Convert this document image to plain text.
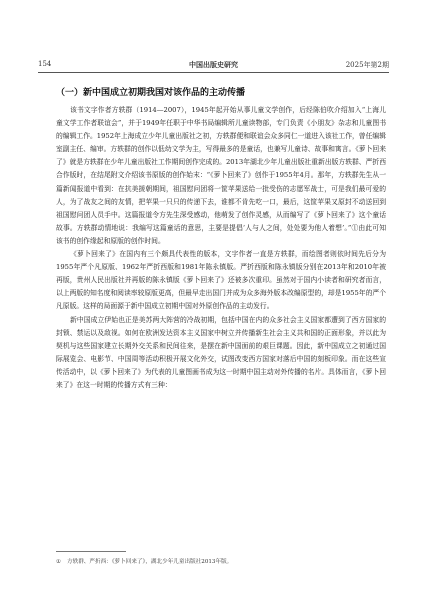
154	中国出版史研究	2025年第2期
（一）新中国成立初期我国对该作品的主动传播

该书文字作者方轶群（1914—2007），1945年起开始从事儿童文学创作，后经陈伯吹介绍加入“上海儿童文学工作者联谊会”，并于1949年任职于中华书局编辑所儿童读物部，专门负责《小朋友》杂志和儿童图书的编辑工作。1952年上海成立少年儿童出版社之初，方轶群便和联谊会众多同仁一道进入该社工作，曾任编辑室副主任、编审。方轶群的创作以低幼文学为主，写得最多的是童话，也兼写儿童诗、故事和寓言。《萝卜回来了》就是方轶群在少年儿童出版社工作期间创作完成的。2013年湖北少年儿童出版社重新出版方轶群、严折西合作版时，在结尾附文介绍该书原版的创作始末：“《萝卜回来了》创作于1955年4月。那年，方轶群先生从一篇新闻报道中看到：在抗美援朝期间，祖国慰问团将一筐苹果送给一批受伤的志愿军战士，可是我们最可爱的人，为了战友之间的友情，把苹果一只只的传递下去，谁都不肯先吃一口，最后，这筐苹果又原封不动送回到祖国慰问团人员手中。这篇报道令方先生深受感动，他萌发了创作灵感，从而编写了《萝卜回来了》这个童话故事。方轶群动情地说：我编写这篇童话的意思，主要是提倡‘人与人之间，处处要为他人着想’。”①由此可知该书的创作缘起和原版的创作时间。

《萝卜回来了》在国内有三个颇具代表性的版本，文字作者一直是方轶群，而绘图者则依时间先后分为1955年严个凡原版、1962年严折西版和1981年陈永镇版。严折西版和陈永镇版分别在2013年和2010年被再版，贵州人民出版社并再版的陈永镇版《萝卜回来了》还被多次重印。虽然对于国内小读者和研究者而言，以上两版的知名度和阅读率较原版更高，但最早走出国门并成为众多海外版本改编原型的，却是1955年的严个凡原版。这样的局面源于新中国成立初期中国对外原创作品的主动发行。

新中国成立伊始也正是美苏两大阵营的冷战初期，包括中国在内的众多社会主义国家都遭到了西方国家的封锁、禁运以及敌视。如何在欧洲发达资本主义国家中树立并传播新生社会主义共和国的正面形象，并以此为契机与这些国家建立长期外交关系和民间往来，是摆在新中国面前的艰巨课题。因此，新中国成立之初通过国际展览会、电影节、中国周等活动积极开展文化外交，试图改变西方国家对落后中国的刻板印象。而在这些宣传活动中，以《萝卜回来了》为代表的儿童图画书成为这一时期中国主动对外传播的名片。具体而言，《萝卜回来了》在这一时期的传播方式有三种：

① 方轶群、严折西：《萝卜回来了》，湖北少年儿童出版社2013年版。
